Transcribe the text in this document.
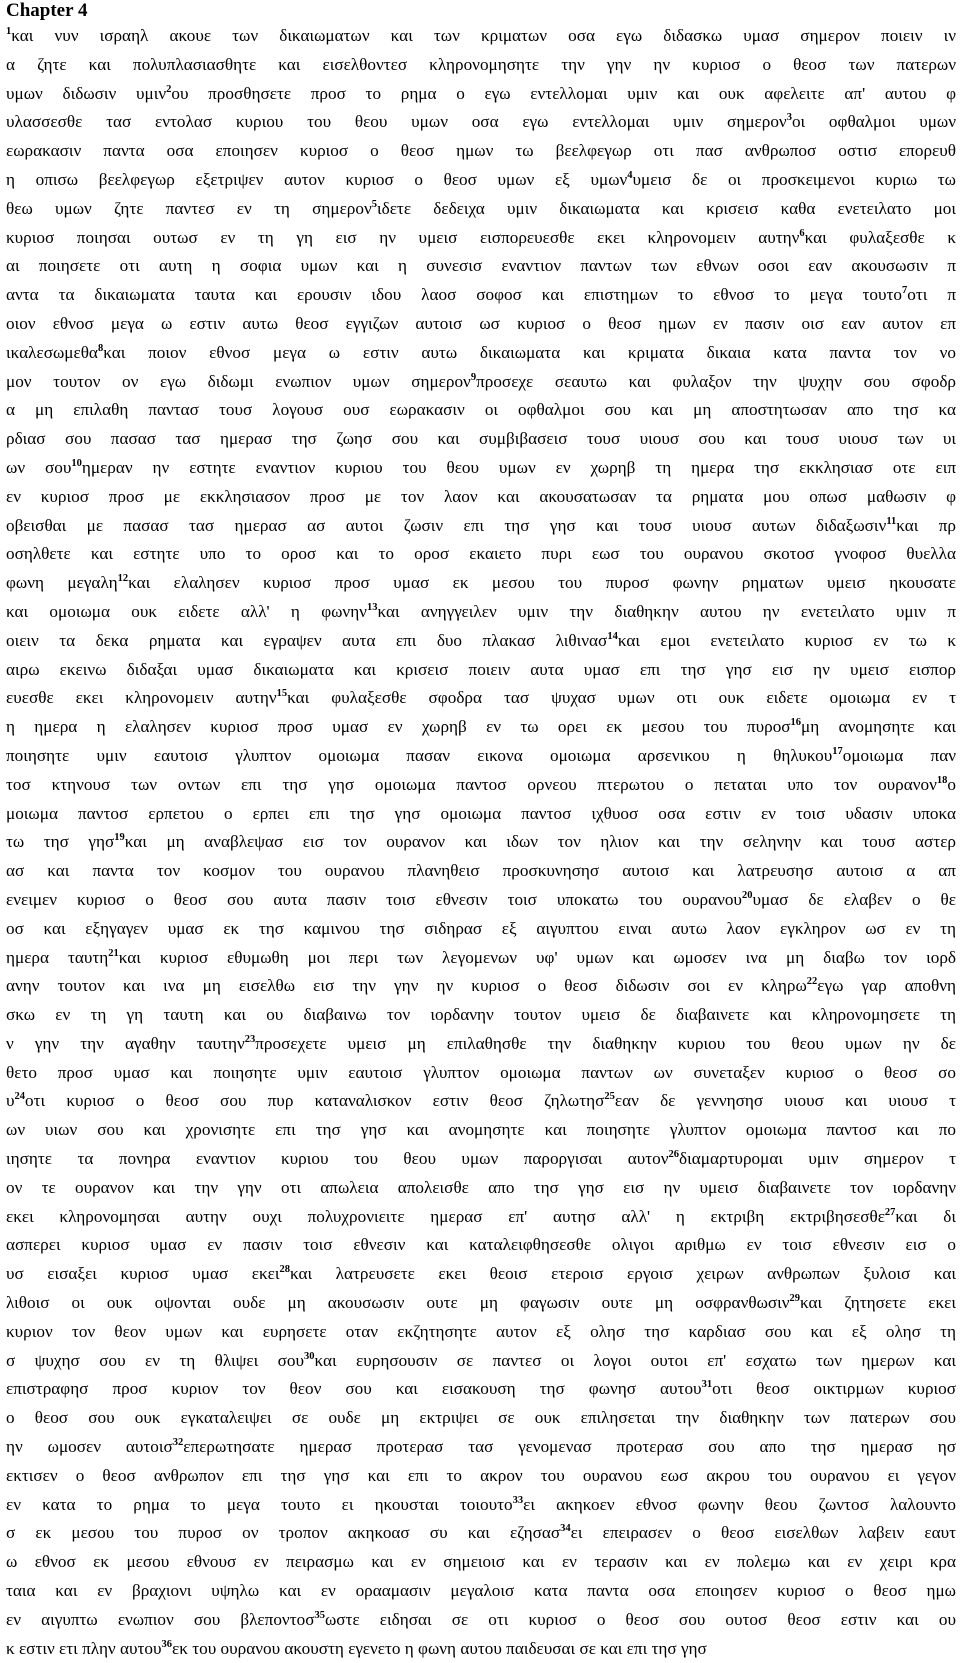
Chapter 4
$^1$και νυν ισραηλ ακουε των δικαιωματων και των κριματων οσα εγω διδασκω υμασ σημερον ποιειν ιν
α ζητε και πολυπλασιασθητε και εισελθοντεσ κληρονομησητε την γην ην κυριοσ ο θεοσ των πατερων
υμων διδωσιν υμιν$^2$ου προσθησετε προσ το ρημα ο εγω εντελλομαι υμιν και ουκ αφελειτε απ' αυτου φ
υλασσεσθε τασ εντολασ κυριου του θεου υμων οσα εγω εντελλομαι υμιν σημερον$^3$οι οφθαλμοι υμων
εωρακασιν παντα οσα εποιησεν κυριοσ ο θεοσ ημων τω βεελφεγωρ οτι πασ ανθρωποσ οστισ επορευθ
η οπισω βεελφεγωρ εξετριψεν αυτον κυριοσ ο θεοσ υμων εξ υμων$^4$υμεισ δε οι προσκειμενοι κυριω τω
θεω υμων ζητε παντεσ εν τη σημερον$^5$ιδετε δεδειχα υμιν δικαιωματα και κρισεισ καθα ενετειλατο μοι
κυριοσ ποιησαι ουτωσ εν τη γη εισ ην υμεισ εισπορευεσθε εκει κληρονομειν αυτην$^6$και φυλαξεσθε κ
αι ποιησετε οτι αυτη η σοφια υμων και η συνεσισ εναντιον παντων των εθνων οσοι εαν ακουσωσιν π
αντα τα δικαιωματα ταυτα και ερουσιν ιδου λαοσ σοφοσ και επιστημων το εθνοσ το μεγα τουτο$^7$οτι π
οιον εθνοσ μεγα ω εστιν αυτω θεοσ εγγιζων αυτοισ ωσ κυριοσ ο θεοσ ημων εν πασιν οισ εαν αυτον επ
ικαλεσωμεθα$^8$και ποιον εθνοσ μεγα ω εστιν αυτω δικαιωματα και κριματα δικαια κατα παντα τον νο
μον τουτον ον εγω διδωμι ενωπιον υμων σημερον$^9$προσεχε σεαυτω και φυλαξον την ψυχην σου σφοδρ
α μη επιλαθη παντασ τουσ λογουσ ουσ εωρακασιν οι οφθαλμοι σου και μη αποστητωσαν απο τησ κα
ρδιασ σου πασασ τασ ημερασ τησ ζωησ σου και συμβιβασεισ τουσ υιουσ σου και τουσ υιουσ των υι
ων σου$^{10}$ημεραν ην εστητε εναντιον κυριου του θεου υμων εν χωρηβ τη ημερα τησ εκκλησιασ οτε ειπ
εν κυριοσ προσ με εκκλησιασον προσ με τον λαον και ακουσατωσαν τα ρηματα μου οπωσ μαθωσιν φ
οβεισθαι με πασασ τασ ημερασ ασ αυτοι ζωσιν επι τησ γησ και τουσ υιουσ αυτων διδαξωσιν$^{11}$και πρ
οσηλθετε και εστητε υπο το οροσ και το οροσ εκαιετο πυρι εωσ του ουρανου σκοτοσ γνοφοσ θυελλα
φωνη μεγαλη$^{12}$και ελαλησεν κυριοσ προσ υμασ εκ μεσου του πυροσ φωνην ρηματων υμεισ ηκουσατε
και ομοιωμα ουκ ειδετε αλλ' η φωνην$^{13}$και ανηγγειλεν υμιν την διαθηκην αυτου ην ενετειλατο υμιν π
οιειν τα δεκα ρηματα και εγραψεν αυτα επι δυο πλακασ λιθινασ$^{14}$και εμοι ενετειλατο κυριοσ εν τω κ
αιρω εκεινω διδαξαι υμασ δικαιωματα και κρισεισ ποιειν αυτα υμασ επι τησ γησ εισ ην υμεισ εισπορ
ευεσθε εκει κληρονομειν αυτην$^{15}$και φυλαξεσθε σφοδρα τασ ψυχασ υμων οτι ουκ ειδετε ομοιωμα εν τ
η ημερα η ελαλησεν κυριοσ προσ υμασ εν χωρηβ εν τω ορει εκ μεσου του πυροσ$^{16}$μη ανομησητε και
ποιησητε υμιν εαυτοισ γλυπτον ομοιωμα πασαν εικονα ομοιωμα αρσενικου η θηλυκου$^{17}$ομοιωμα παν
τοσ κτηνουσ των οντων επι τησ γησ ομοιωμα παντοσ ορνεου πτερωτου ο πεταται υπο τον ουρανον$^{18}$ο
μοιωμα παντοσ ερπετου ο ερπει επι τησ γησ ομοιωμα παντοσ ιχθυοσ οσα εστιν εν τοισ υδασιν υποκα
τω τησ γησ$^{19}$και μη αναβλεψασ εισ τον ουρανον και ιδων τον ηλιον και την σεληνην και τουσ αστερ
ασ και παντα τον κοσμον του ουρανου πλανηθεισ προσκυνησησ αυτοισ και λατρευσησ αυτοισ α απ
ενειμεν κυριοσ ο θεοσ σου αυτα πασιν τοισ εθνεσιν τοισ υποκατω του ουρανου$^{20}$υμασ δε ελαβεν ο θε
οσ και εξηγαγεν υμασ εκ τησ καμινου τησ σιδηρασ εξ αιγυπτου ειναι αυτω λαον εγκληρον ωσ εν τη
ημερα ταυτη$^{21}$και κυριοσ εθυμωθη μοι περι των λεγομενων υφ' υμων και ωμοσεν ινα μη διαβω τον ιορδ
ανην τουτον και ινα μη εισελθω εισ την γην ην κυριοσ ο θεοσ διδωσιν σοι εν κληρω$^{22}$εγω γαρ αποθνη
σκω εν τη γη ταυτη και ου διαβαινω τον ιορδανην τουτον υμεισ δε διαβαινετε και κληρονομησετε τη
ν γην την αγαθην ταυτην$^{23}$προσεχετε υμεισ μη επιλαθησθε την διαθηκην κυριου του θεου υμων ην δε
θετο προσ υμασ και ποιησητε υμιν εαυτοισ γλυπτον ομοιωμα παντων ων συνεταξεν κυριοσ ο θεοσ σο
$\upsilon^{24}o\tau\iota$ κυριοσ ο θεοσ σου πυρ καταναλισκον εστιν θεοσ ζηλωτησ$^{25}$εαν δε γεννησησ υιουσ και υιουσ τ
ων υιων σου και χρονισητε επι τησ γησ και ανομησητε και ποιησητε γλυπτον ομοιωμα παντοσ και πο
ιησητε τα πονηρα εναντιον κυριου του θεου υμων παροργισαι αυτον$^{26}$διαμαρτυρομαι υμιν σημερον τ
ον τε ουρανον και την γην οτι απωλεια απολεισθε απο τησ γησ εισ ην υμεισ διαβαινετε τον ιορδανην
εκει κληρονομησαι αυτην ουχι πολυχρονιειτε ημερασ επ' αυτησ αλλ' η εκτριβη εκτριβησεσθε$^{27}$και δι
ασπερει κυριοσ υμασ εν πασιν τοισ εθνεσιν και καταλειφθησεσθε ολιγοι αριθμω εν τοισ εθνεσιν εισ ο
υσ εισαξει κυριοσ υμασ εκει$^{28}$και λατρευσετε εκει θεοισ ετεροισ εργοισ χειρων ανθρωπων ξυλοισ και
λιθοισ οι ουκ οψονται ουδε μη ακουσωσιν ουτε μη φαγωσιν ουτε μη οσφρανθωσιν$^{29}$και ζητησετε εκει
κυριον τον θεον υμων και ευρησετε οταν εκζητησητε αυτον εξ ολησ τησ καρδιασ σου και εξ ολησ τη
σ ψυχησ σου εν τη θλιψει σου$^{30}$και ευρησουσιν σε παντεσ οι λογοι ουτοι επ' εσχατω των ημερων και
επιστραφησ προσ κυριον τον θεον σου και εισακουση τησ φωνησ αυτου$^{31}$οτι θεοσ οικτιρμων κυριοσ
ο θεοσ σου ουκ εγκαταλειψει σε ουδε μη εκτριψει σε ουκ επιλησεται την διαθηκην των πατερων σου
ην ωμοσεν αυτοισ$^{32}$επερωτησατε ημερασ προτερασ τασ γενομενασ προτερασ σου απο τησ ημερασ ησ
εκτισεν ο θεοσ ανθρωπον επι τησ γησ και επι το ακρον του ουρανου εωσ ακρου του ουρανου ει γεγον
εν κατα το ρημα το μεγα τουτο ει ηκουσται τοιουτο$^{33}$ει ακηκοεν εθνοσ φωνην θεου ζωντοσ λαλουντο
σ εκ μεσου του πυροσ ον τροπον ακηκοασ συ και εζησασ$^{34}$ει επειρασεν ο θεοσ εισελθων λαβειν εαυτ
ω εθνοσ εκ μεσου εθνουσ εν πειρασμω και εν σημειοισ και εν τερασιν και εν πολεμω και εν χειρι κρα
ταια και εν βραχιονι υψηλω και εν ορααμασιν μεγαλοισ κατα παντα οσα εποιησεν κυριοσ ο θεοσ ημω
εν αιγυπτω ενωπιον σου βλεποντοσ$^{35}$ωστε ειδησαι σε οτι κυριοσ ο θεοσ σου ουτοσ θεοσ εστιν και ου
κ εστιν ετι πλην αυτου$^{36}$εκ του ουρανου ακουστη εγενετο η φωνη αυτου παιδευσαι σε και επι τησ γησ
